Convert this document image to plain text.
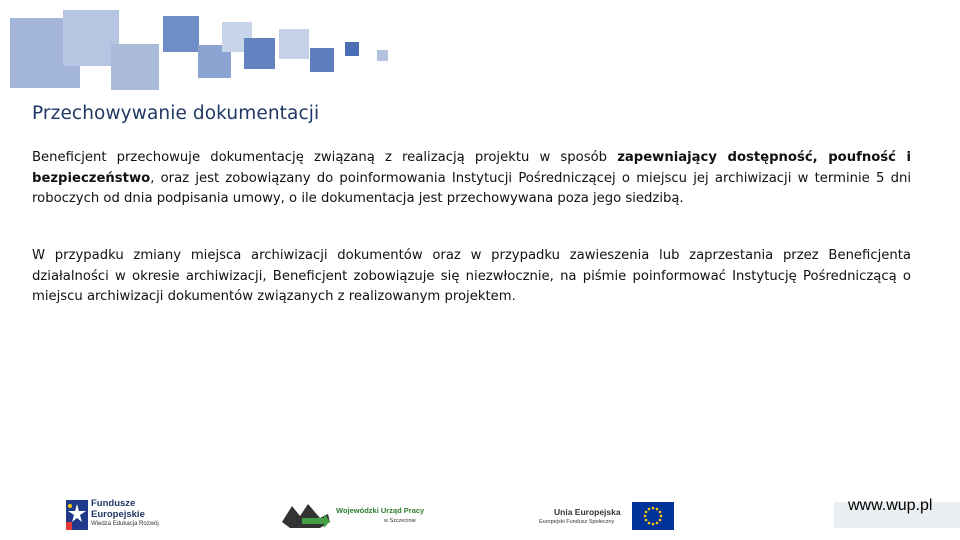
Przechowywanie dokumentacji

Beneficjent przechowuje dokumentację związaną z realizacją projektu w sposób zapewniający dostępność, poufność i bezpieczeństwo, oraz jest zobowiązany do poinformowania Instytucji Pośredniczącej o miejscu jej archiwizacji w terminie 5 dni roboczych od dnia podpisania umowy, o ile dokumentacja jest przechowywana poza jego siedzibą.

W przypadku zmiany miejsca archiwizacji dokumentów oraz w przypadku zawieszenia lub zaprzestania przez Beneficjenta działalności w okresie archiwizacji, Beneficjent zobowiązuje się niezwłocznie, na piśmie poinformować Instytucję Pośredniczącą o miejscu archiwizacji dokumentów związanych z realizowanym projektem.

Fundusze
Europejskie
Wiedza Edukacja Rozwój
Wojewódzki Urząd Pracy
w Szczecinie
Unia Europejska
Europejski Fundusz Społeczny
www.wup.pl
